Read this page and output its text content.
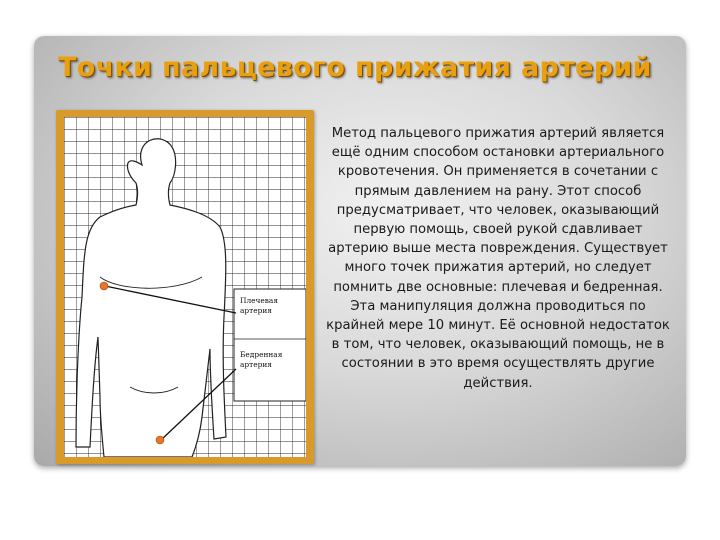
Точки пальцевого прижатия артерий
Плечевая
артерия
Бедренная
артерия
Метод пальцевого прижатия артерий является ещё одним способом остановки артериального кровотечения. Он применяется в сочетании с прямым давлением на рану. Этот способ предусматривает, что человек, оказывающий первую помощь, своей рукой сдавливает артерию выше места повреждения. Существует много точек прижатия артерий, но следует помнить две основные: плечевая и бедренная. Эта манипуляция должна проводиться по крайней мере 10 минут. Её основной недостаток в том, что человек, оказывающий помощь, не в состоянии в это время осуществлять другие действия.
